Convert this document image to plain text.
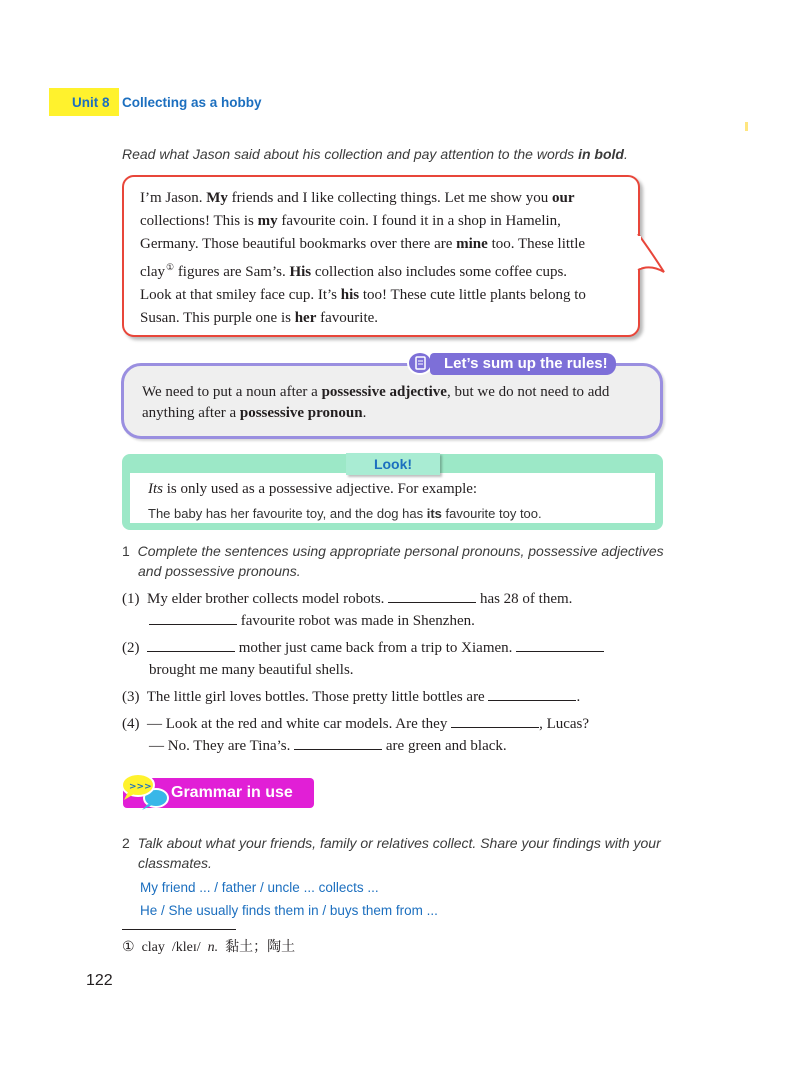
Unit 8 Collecting as a hobby
Read what Jason said about his collection and pay attention to the words in bold.
I’m Jason. My friends and I like collecting things. Let me show you our
collections! This is my favourite coin. I found it in a shop in Hamelin,
Germany. Those beautiful bookmarks over there are mine too. These little
clay① figures are Sam’s. His collection also includes some coffee cups.
Look at that smiley face cup. It’s his too! These cute little plants belong to
Susan. This purple one is her favourite.
Let’s sum up the rules!
We need to put a noun after a possessive adjective, but we do not need to add
anything after a possessive pronoun.
Look!
Its is only used as a possessive adjective. For example:
The baby has her favourite toy, and the dog has its favourite toy too.
1 Complete the sentences using appropriate personal pronouns, possessive adjectives
and possessive pronouns.
(1) My elder brother collects model robots.	has 28 of them.
favourite robot was made in Shenzhen.
(2)	mother just came back from a trip to Xiamen.
brought me many beautiful shells.
(3) The little girl loves bottles. Those pretty little bottles are	.
(4) — Look at the red and white car models. Are they	, Lucas?
— No. They are Tina’s.	are green and black.
Grammar in use
>>>
2 Talk about what your friends, family or relatives collect. Share your findings with your
classmates.
My friend ... / father / uncle ... collects ...
He / She usually finds them in / buys them from ...
① clay /kleɪ/ n. 黏土；陶土
122
